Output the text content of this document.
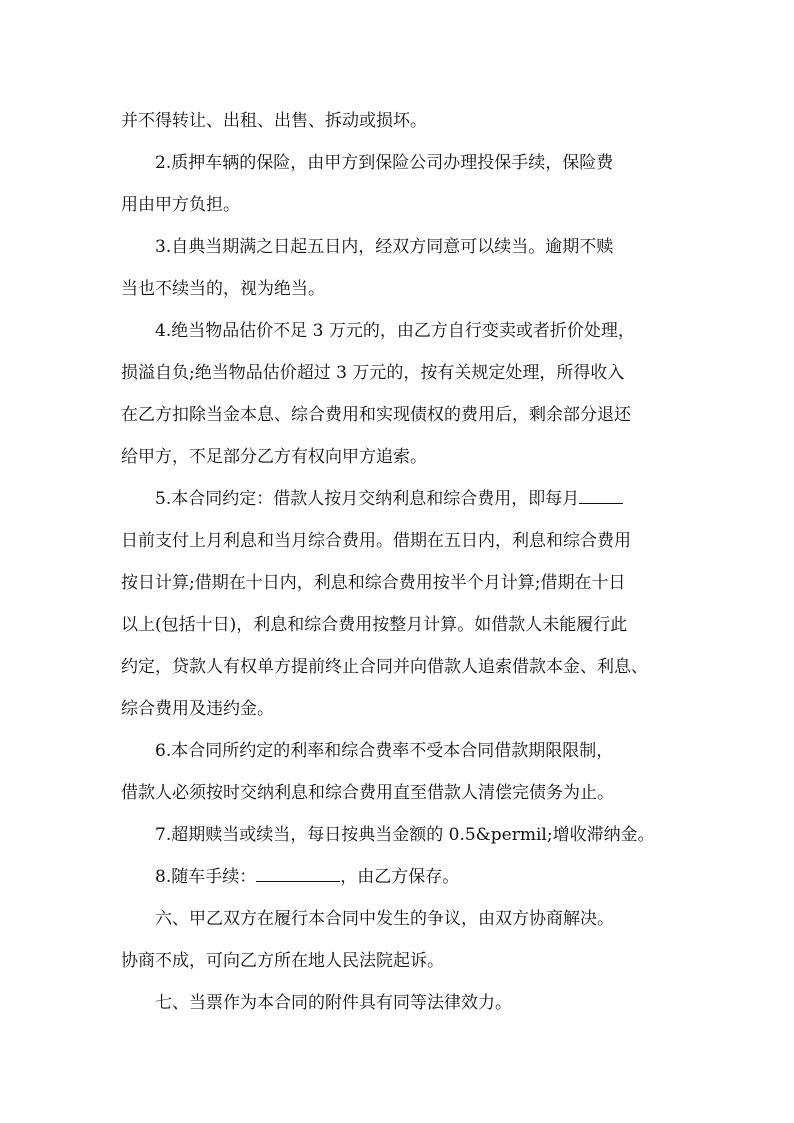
并不得转让、出租、出售、拆动或损坏。

2.质押车辆的保险，由甲方到保险公司办理投保手续，保险费
用由甲方负担。

3.自典当期满之日起五日内，经双方同意可以续当。逾期不赎
当也不续当的，视为绝当。

4.绝当物品估价不足 3 万元的，由乙方自行变卖或者折价处理，
损溢自负;绝当物品估价超过 3 万元的，按有关规定处理，所得收入
在乙方扣除当金本息、综合费用和实现债权的费用后，剩余部分退还
给甲方，不足部分乙方有权向甲方追索。

5.本合同约定：借款人按月交纳利息和综合费用，即每月
日前支付上月利息和当月综合费用。借期在五日内，利息和综合费用
按日计算;借期在十日内，利息和综合费用按半个月计算;借期在十日
以上(包括十日)，利息和综合费用按整月计算。如借款人未能履行此
约定，贷款人有权单方提前终止合同并向借款人追索借款本金、利息、
综合费用及违约金。

6.本合同所约定的利率和综合费率不受本合同借款期限限制，
借款人必须按时交纳利息和综合费用直至借款人清偿完债务为止。

7.超期赎当或续当，每日按典当金额的 0.5&permil;增收滞纳金。

8.随车手续：	，由乙方保存。

六、甲乙双方在履行本合同中发生的争议，由双方协商解决。
协商不成，可向乙方所在地人民法院起诉。

七、当票作为本合同的附件具有同等法律效力。
